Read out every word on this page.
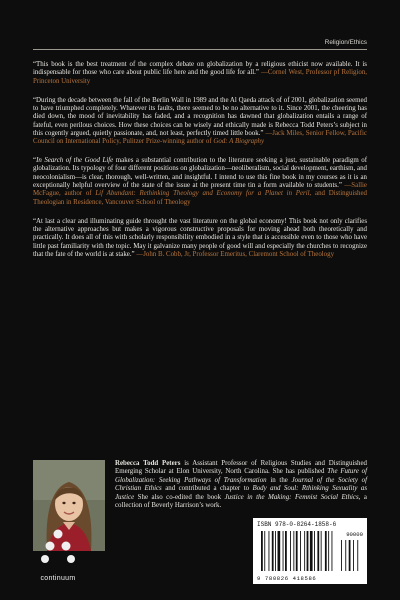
Religion/Ethics

“This book is the best treatment of the complex debate on globalization by a religious ethicist now available. It is indispensable for those who care about public life here and the good life for all.” —Cornel West, Professor pf Religion, Princeton University

“During the decade between the fall of the Berlin Wall in 1989 and the Al Qaeda attack of of 2001, globalization seemed to have triumphed completely. Whatever its faults, there seemed to be no alternative to it. Since 2001, the cheering has died down, the mood of inevitability has faded, and a recognition has dawned that globalization entails a range of fateful, even perilous choices. How these choices can be wisely and ethically made is Rebecca Todd Peters’s subject in this cogently argued, quietly passionate, and, not least, perfectly timed little book.” —Jack Miles, Senior Fellow, Pacific Council on International Policy, Pulitzer Prize-winning author of God: A Biography

“In Search of the Good Life makes a substantial contribution to the literature seeking a just, sustainable paradigm of globalization. Its typology of four different positions on globalization—neoliberalism, social development, earthism, and neocolonialism—is clear, thorough, well-written, and insightful. I intend to use this fine book in my courses as it is an exceptionally helpful overview of the state of the issue at the present time tin a form available to students.” —Sallie McFague, author of Lif Abundant: Rethinking Theology and Economy for a Planet in Peril, and Distinguished Theologian in Residence, Vancouver School of Theology

“At last a clear and illuminating guide throught the vast literature on the global economy! This book not only clarifies the alternative approaches but makes a vigorous constructive proposals for moving ahead both theoretically and practically. It does all of this with scholarly responsibility embodied in a style that is accessible even to those who have little past familiarity with the topic. May it galvanize many people of good will and especially the churches to recognize that the fate of the world is at stake.” —John B. Cobb, Jr, Professor Emeritus, Claremont School of Theology

Rebecca Todd Peters is Assistant Professor of Religious Studies and Distinguished Emerging Scholar at Elon University, North Carolina. She has published The Future of Globalization: Seeking Pathways of Transformation in the Journal of the Society of Christian Ethics and contributed a chapter to Body and Soul: Rthinking Sexuality as Justice She also co-edited the book Justice in the Making: Femnist Social Ethics, a collection of Beverly Harrison’s work.

continuum
ISBN 978-0-8264-1858-6
90000
9 780826 418586
